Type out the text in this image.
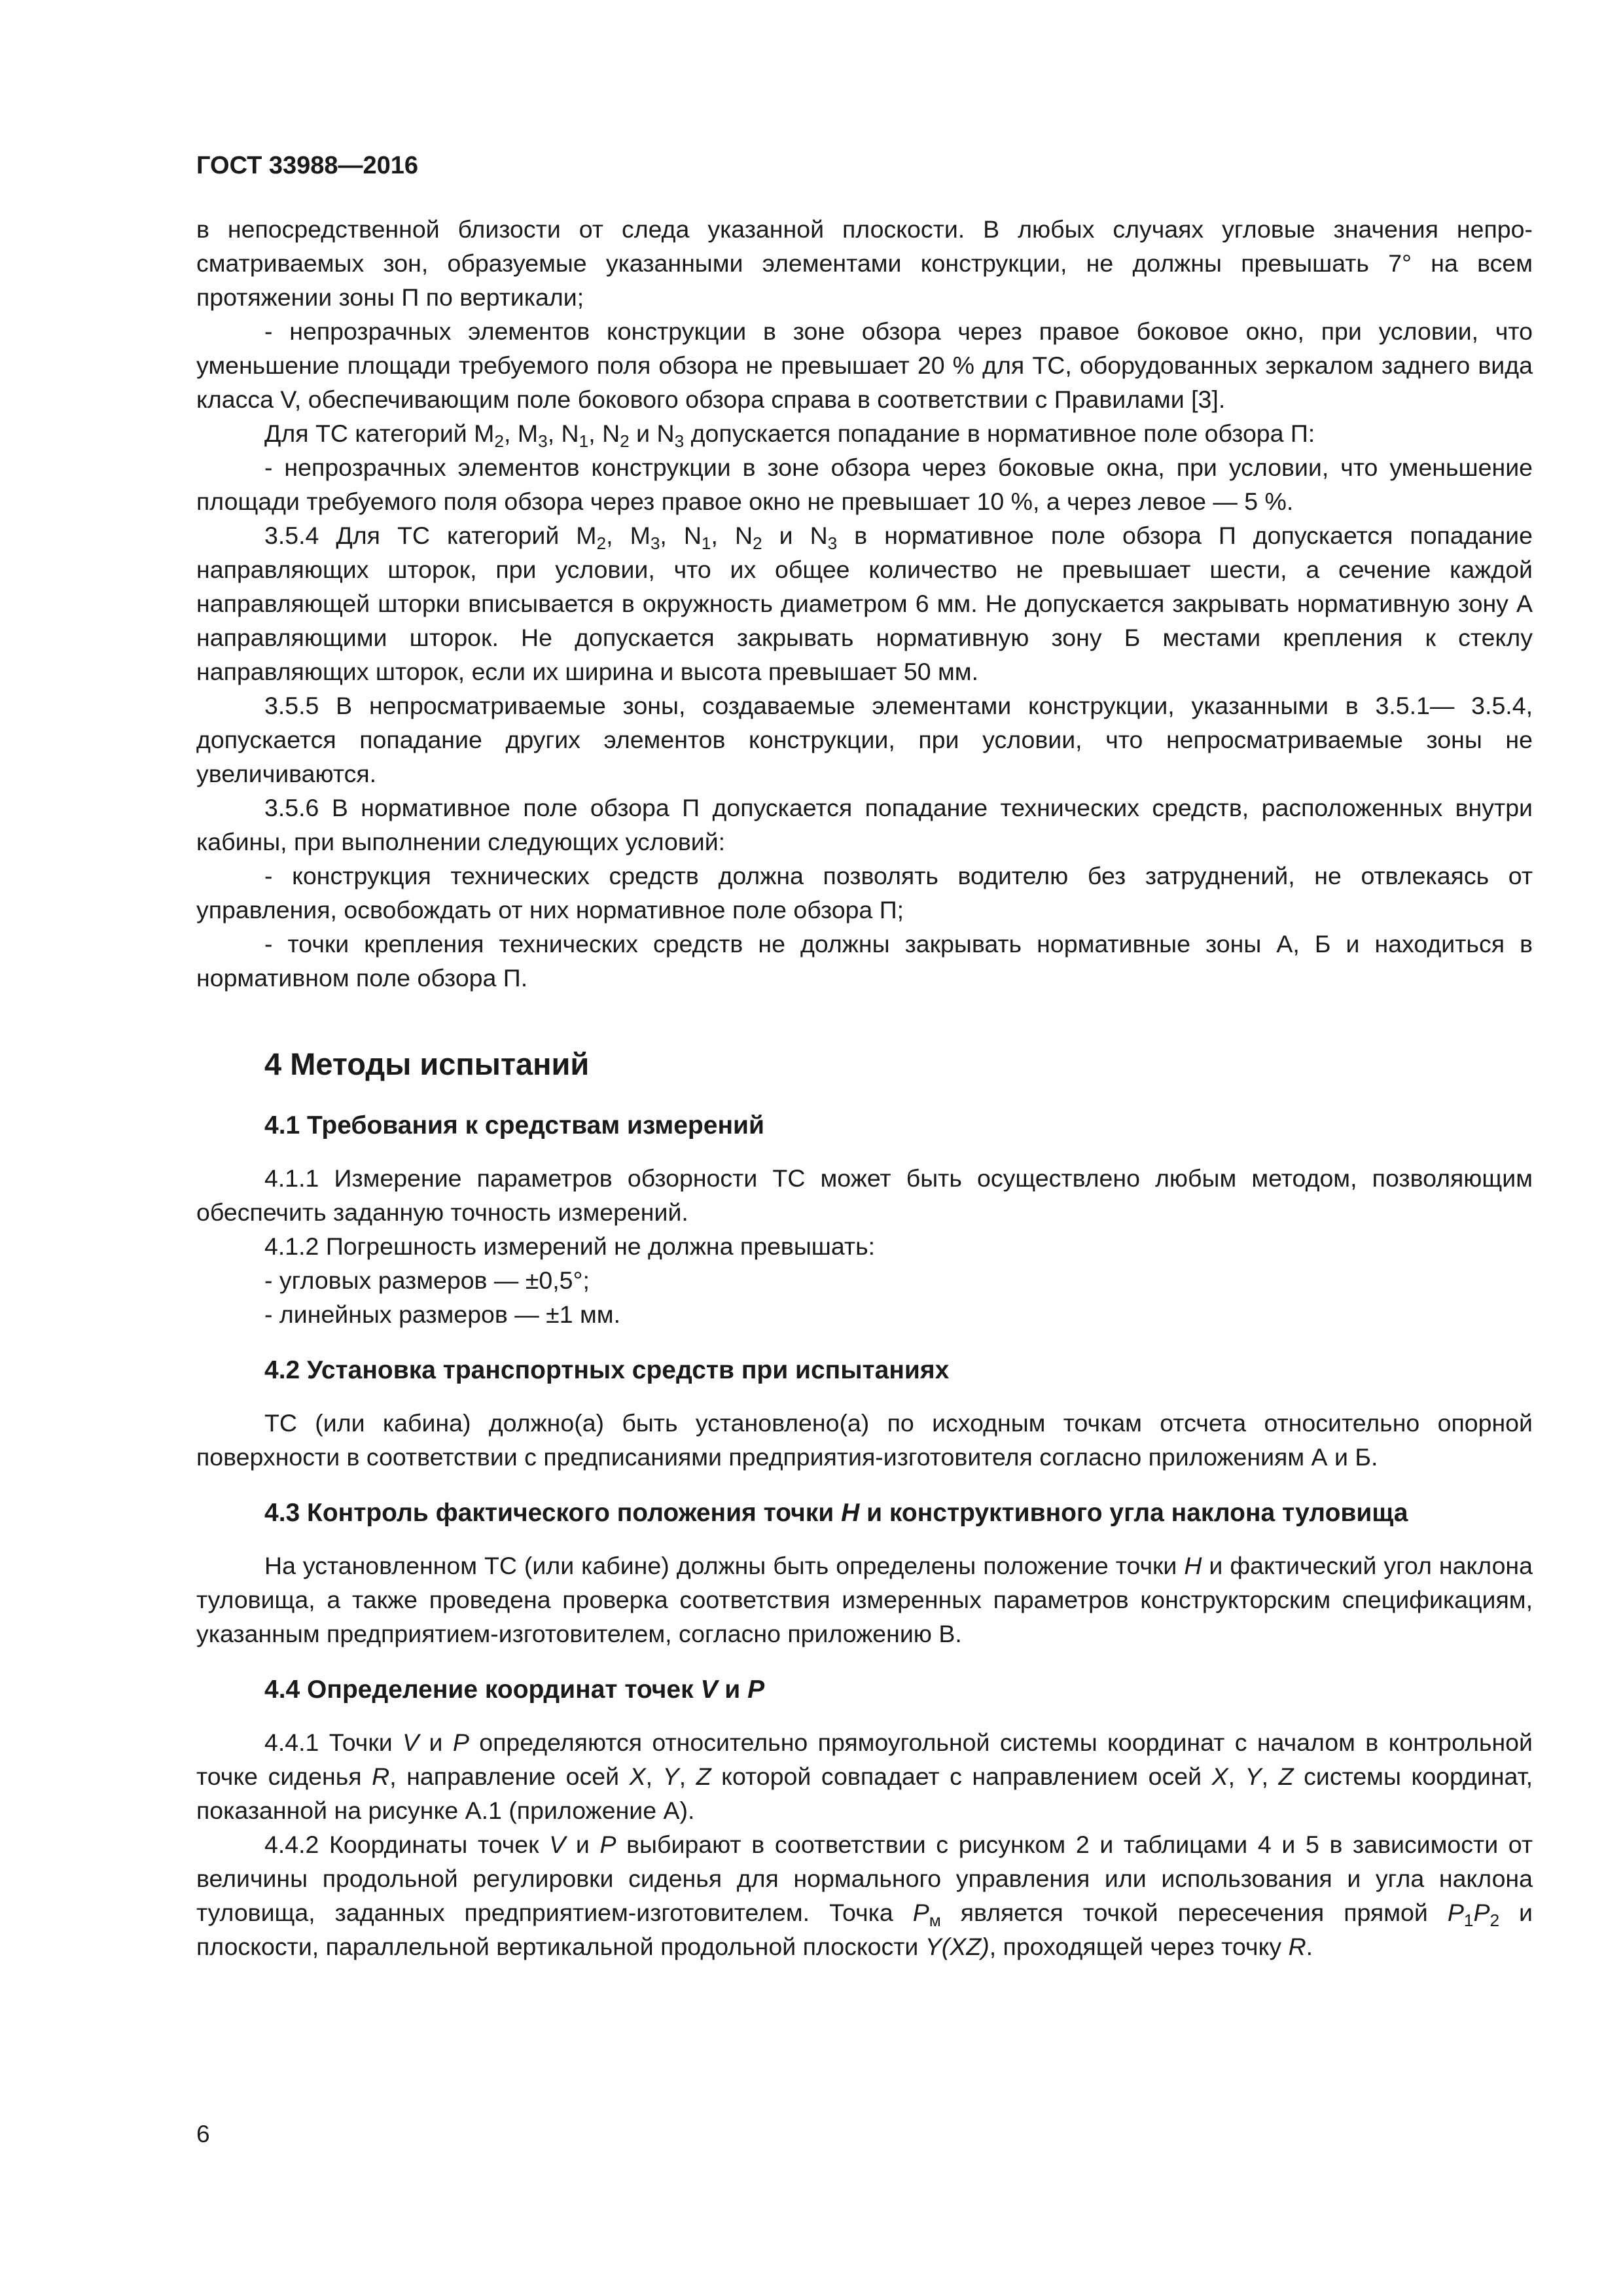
ГОСТ 33988—2016

в непосредственной близости от следа указанной плоскости. В любых случаях угловые значения непросматриваемых зон, образуемые указанными элементами конструкции, не должны превышать 7° на всем протяжении зоны П по вертикали;

- непрозрачных элементов конструкции в зоне обзора через правое боковое окно, при условии, что уменьшение площади требуемого поля обзора не превышает 20 % для ТС, оборудованных зеркалом заднего вида класса V, обеспечивающим поле бокового обзора справа в соответствии с Правилами [3].

Для ТС категорий $M_2$, $M_3$, $N_1$, $N_2$ и $N_3$ допускается попадание в нормативное поле обзора П:

- непрозрачных элементов конструкции в зоне обзора через боковые окна, при условии, что уменьшение площади требуемого поля обзора через правое окно не превышает 10 %, а через левое — 5 %.

3.5.4 Для ТС категорий $M_2$, $M_3$, $N_1$, $N_2$ и $N_3$ в нормативное поле обзора П допускается попадание направляющих шторок, при условии, что их общее количество не превышает шести, а сечение каждой направляющей шторки вписывается в окружность диаметром 6 мм. Не допускается закрывать нормативную зону А направляющими шторок. Не допускается закрывать нормативную зону Б местами крепления к стеклу направляющих шторок, если их ширина и высота превышает 50 мм.

3.5.5 В непросматриваемые зоны, создаваемые элементами конструкции, указанными в 3.5.1— 3.5.4, допускается попадание других элементов конструкции, при условии, что непросматриваемые зоны не увеличиваются.

3.5.6 В нормативное поле обзора П допускается попадание технических средств, расположенных внутри кабины, при выполнении следующих условий:

- конструкция технических средств должна позволять водителю без затруднений, не отвлекаясь от управления, освобождать от них нормативное поле обзора П;

- точки крепления технических средств не должны закрывать нормативные зоны А, Б и находиться в нормативном поле обзора П.

4 Методы испытаний
4.1 Требования к средствам измерений

4.1.1 Измерение параметров обзорности ТС может быть осуществлено любым методом, позволяющим обеспечить заданную точность измерений.

4.1.2 Погрешность измерений не должна превышать:

- угловых размеров — ±0,5°;

- линейных размеров — ±1 мм.

4.2 Установка транспортных средств при испытаниях

ТС (или кабина) должно(а) быть установлено(а) по исходным точкам отсчета относительно опорной поверхности в соответствии с предписаниями предприятия-изготовителя согласно приложениям А и Б.

4.3 Контроль фактического положения точки H и конструктивного угла наклона туловища

На установленном ТС (или кабине) должны быть определены положение точки H и фактический угол наклона туловища, а также проведена проверка соответствия измеренных параметров конструкторским спецификациям, указанным предприятием-изготовителем, согласно приложению В.

4.4 Определение координат точек V и P

4.4.1 Точки V и P определяются относительно прямоугольной системы координат с началом в контрольной точке сиденья R, направление осей X, Y, Z которой совпадает с направлением осей X, Y, Z системы координат, показанной на рисунке А.1 (приложение А).

4.4.2 Координаты точек V и P выбирают в соответствии с рисунком 2 и таблицами 4 и 5 в зависимости от величины продольной регулировки сиденья для нормального управления или использования и угла наклона туловища, заданных предприятием-изготовителем. Точка $P_м$ является точкой пересечения прямой $P_1P_2$ и плоскости, параллельной вертикальной продольной плоскости Y(XZ), проходящей через точку R.

6
